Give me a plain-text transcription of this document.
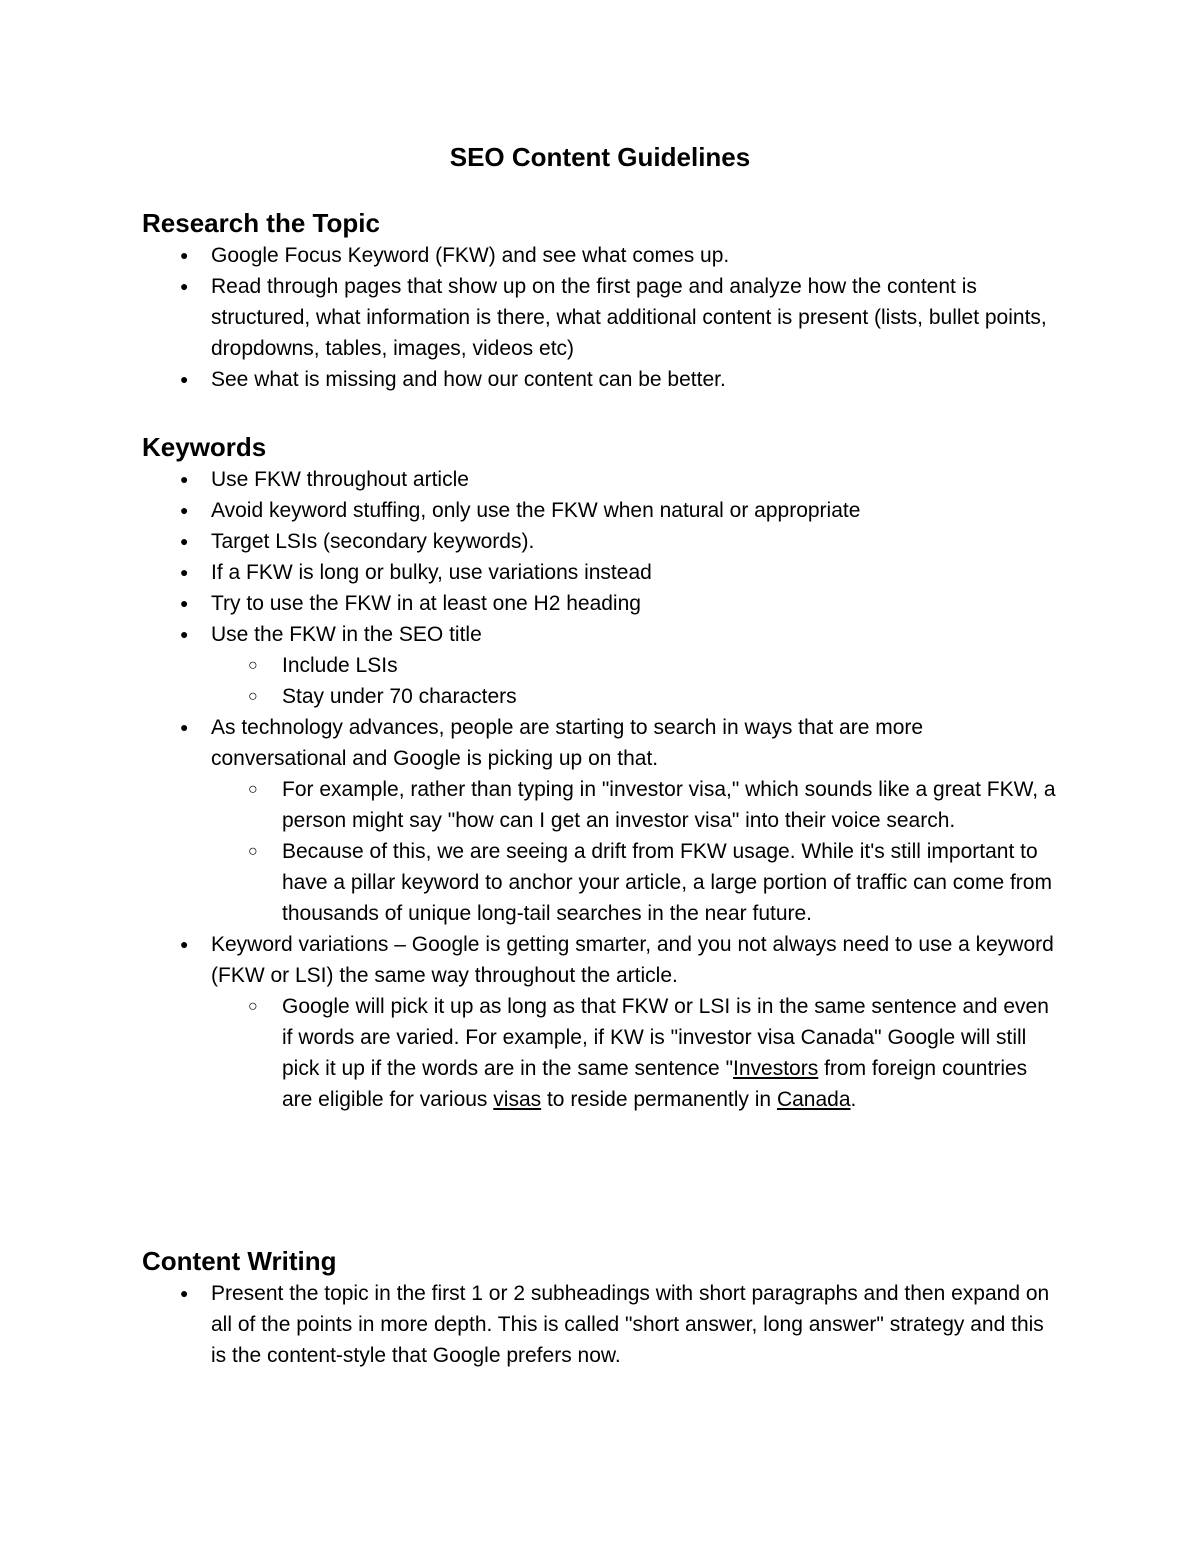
SEO Content Guidelines
Research the Topic
● Google Focus Keyword (FKW) and see what comes up.
● Read through pages that show up on the first page and analyze how the content is structured, what information is there, what additional content is present (lists, bullet points, dropdowns, tables, images, videos etc)
● See what is missing and how our content can be better.
Keywords
● Use FKW throughout article
● Avoid keyword stuffing, only use the FKW when natural or appropriate
● Target LSIs (secondary keywords).
● If a FKW is long or bulky, use variations instead
● Try to use the FKW in at least one H2 heading
● Use the FKW in the SEO title
○ Include LSIs
○ Stay under 70 characters
● As technology advances, people are starting to search in ways that are more conversational and Google is picking up on that.
○ For example, rather than typing in "investor visa," which sounds like a great FKW, a person might say "how can I get an investor visa" into their voice search.
○ Because of this, we are seeing a drift from FKW usage. While it's still important to have a pillar keyword to anchor your article, a large portion of traffic can come from thousands of unique long-tail searches in the near future.
● Keyword variations – Google is getting smarter, and you not always need to use a keyword (FKW or LSI) the same way throughout the article.
○ Google will pick it up as long as that FKW or LSI is in the same sentence and even if words are varied. For example, if KW is "investor visa Canada" Google will still pick it up if the words are in the same sentence "Investors from foreign countries are eligible for various visas to reside permanently in Canada.
Content Writing
● Present the topic in the first 1 or 2 subheadings with short paragraphs and then expand on all of the points in more depth. This is called "short answer, long answer" strategy and this is the content-style that Google prefers now.
